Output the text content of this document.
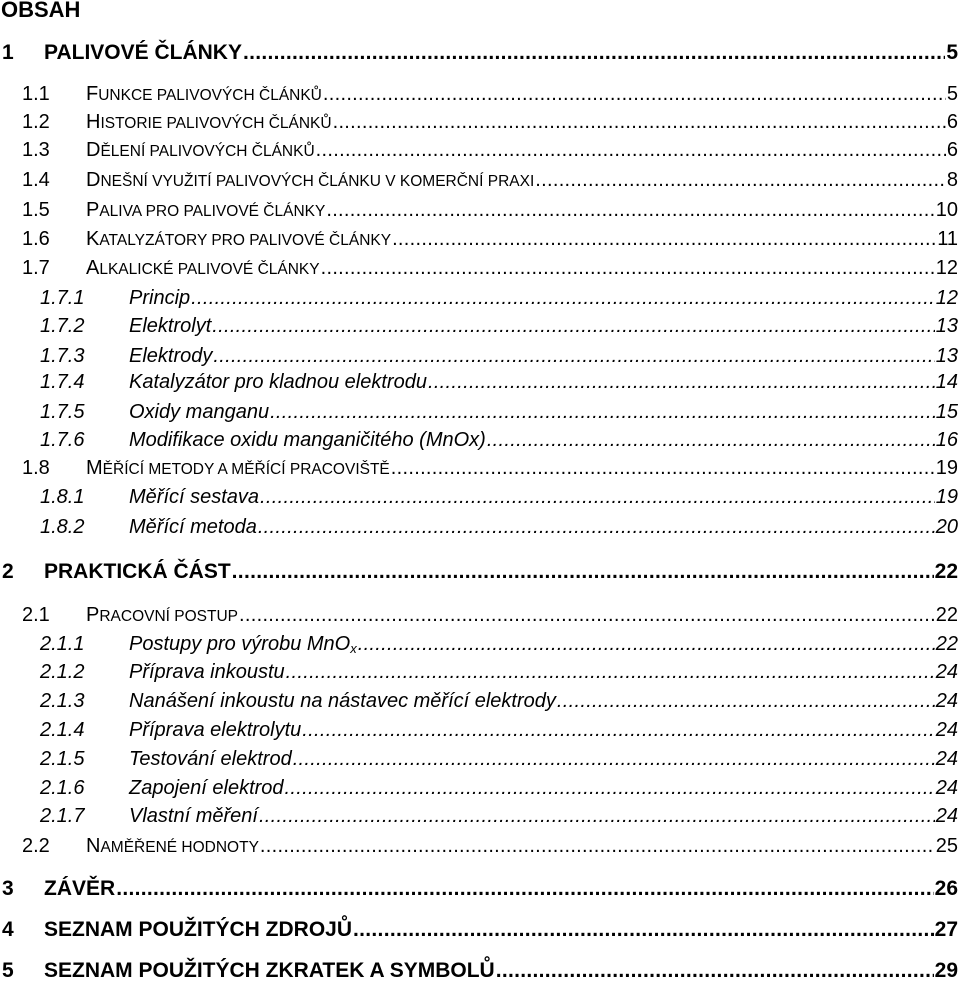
OBSAH
1	PALIVOVÉ ČLÁNKY .....	5
1.1	FUNKCE PALIVOVÝCH ČLÁNKŮ .....	5
1.2	HISTORIE PALIVOVÝCH ČLÁNKŮ .....	6
1.3	DĚLENÍ PALIVOVÝCH ČLÁNKŮ .....	6
1.4	DNEŠNÍ VYUŽITÍ PALIVOVÝCH ČLÁNKU V KOMERČNÍ PRAXI .....	8
1.5	PALIVA PRO PALIVOVÉ ČLÁNKY .....	10
1.6	KATALYZÁTORY PRO PALIVOVÉ ČLÁNKY .....	11
1.7	ALKALICKÉ PALIVOVÉ ČLÁNKY .....	12
1.7.1	Princip .....	12
1.7.2	Elektrolyt .....	13
1.7.3	Elektrody .....	13
1.7.4	Katalyzátor pro kladnou elektrodu .....	14
1.7.5	Oxidy manganu .....	15
1.7.6	Modifikace oxidu manganičitého (MnOx) .....	16
1.8	MĚŘÍCÍ METODY A MĚŘÍCÍ PRACOVIŠTĚ .....	19
1.8.1	Měřící sestava .....	19
1.8.2	Měřící metoda .....	20
2	PRAKTICKÁ ČÁST .....	22
2.1	PRACOVNÍ POSTUP .....	22
2.1.1	Postupy pro výrobu MnO$_x$ .....	22
2.1.2	Příprava inkoustu .....	24
2.1.3	Nanášení inkoustu na nástavec měřící elektrody .....	24
2.1.4	Příprava elektrolytu .....	24
2.1.5	Testování elektrod .....	24
2.1.6	Zapojení elektrod .....	24
2.1.7	Vlastní měření .....	24
2.2	NAMĚŘENÉ HODNOTY .....	25
3	ZÁVĚR .....	26
4	SEZNAM POUŽITÝCH ZDROJŮ .....	27
5	SEZNAM POUŽITÝCH ZKRATEK A SYMBOLŮ .....	29
